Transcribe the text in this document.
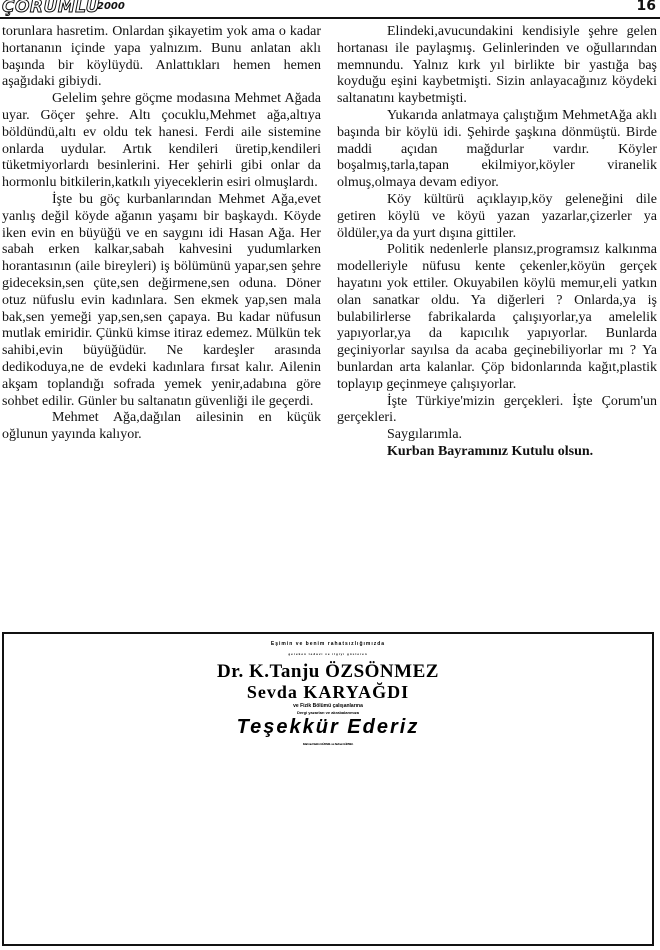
ÇORUMLU
2000	16

torunlara hasretim. Onlardan şikayetim yok ama o kadar hortananın içinde yapa yalnızım. Bunu anlatan aklı başında bir köylüydü. Anlattıkları hemen hemen aşağıdaki gibiydi.

Gelelim şehre göçme modasına Mehmet Ağada uyar. Göçer şehre. Altı çocuklu,Mehmet ağa,altıya böldündü,altı ev oldu tek hanesi. Ferdi aile sistemine onlarda uydular. Artık kendileri üretip,kendileri tüketmiyorlardı besinlerini. Her şehirli gibi onlar da hormonlu bitkilerin,katkılı yiyeceklerin esiri olmuşlardı.

İşte bu göç kurbanlarından Mehmet Ağa,evet yanlış değil köyde ağanın yaşamı bir başkaydı. Köyde iken evin en büyüğü ve en saygını idi Hasan Ağa. Her sabah erken kalkar,sabah kahvesini yudumlarken horantasının (aile bireyleri) iş bölümünü yapar,sen şehre gideceksin,sen çüte,sen değirmene,sen oduna. Döner otuz nüfuslu evin kadınlara. Sen ekmek yap,sen mala bak,sen yemeği yap,sen,sen çapaya. Bu kadar nüfusun mutlak emiridir. Çünkü kimse itiraz edemez. Mülkün tek sahibi,evin büyüğüdür. Ne kardeşler arasında dedikoduya,ne de evdeki kadınlara fırsat kalır. Ailenin akşam toplandığı sofrada yemek yenir,adabına göre sohbet edilir. Günler bu saltanatın güvenliği ile geçerdi.

Mehmet Ağa,dağılan ailesinin en küçük oğlunun yayında kalıyor.

Elindeki,avucundakini kendisiyle şehre gelen hortanası ile paylaşmış. Gelinlerinden ve oğullarından memnundu. Yalnız kırk yıl birlikte bir yastığa baş koyduğu eşini kaybetmişti. Sizin anlayacağınız köydeki saltanatını kaybetmişti.

Yukarıda anlatmaya çalıştığım MehmetAğa aklı başında bir köylü idi. Şehirde şaşkına dönmüştü. Birde maddi açıdan mağdurlar vardır. Köyler boşalmış,tarla,tapan ekilmiyor,köyler viranelik olmuş,olmaya devam ediyor.

Köy kültürü açıklayıp,köy geleneğini dile getiren köylü ve köyü yazan yazarlar,çizerler ya öldüler,ya da yurt dışına gittiler.

Politik nedenlerle plansız,programsız kalkınma modelleriyle nüfusu kente çekenler,köyün gerçek hayatını yok ettiler. Okuyabilen köylü memur,eli yatkın olan sanatkar oldu. Ya diğerleri ? Onlarda,ya iş bulabilirlerse fabrikalarda çalışıyorlar,ya amelelik yapıyorlar,ya da kapıcılık yapıyorlar. Bunlarda geçiniyorlar sayılsa da acaba geçinebiliyorlar mı ? Ya bunlardan arta kalanlar. Çöp bidonlarında kağıt,plastik toplayıp geçinmeye çalışıyorlar.

İşte Türkiye'mizin gerçekleri. İşte Çorum'un gerçekleri.

Saygılarımla.

Kurban Bayramınız Kutulu olsun.

Eşimin ve benim rahatsızlığımızda
gereken tedavi ve ilgiyi gösteren
Dr. K.Tanju ÖZSÖNMEZ
Sevda KARYAĞDI
ve Fizik Bölümü çalışanlarına
Dergi yazarları ve akrabalarımıza
Teşekkür Ederiz
Mahmut Selim GÜRSEL ve Selma GÜRSEL
